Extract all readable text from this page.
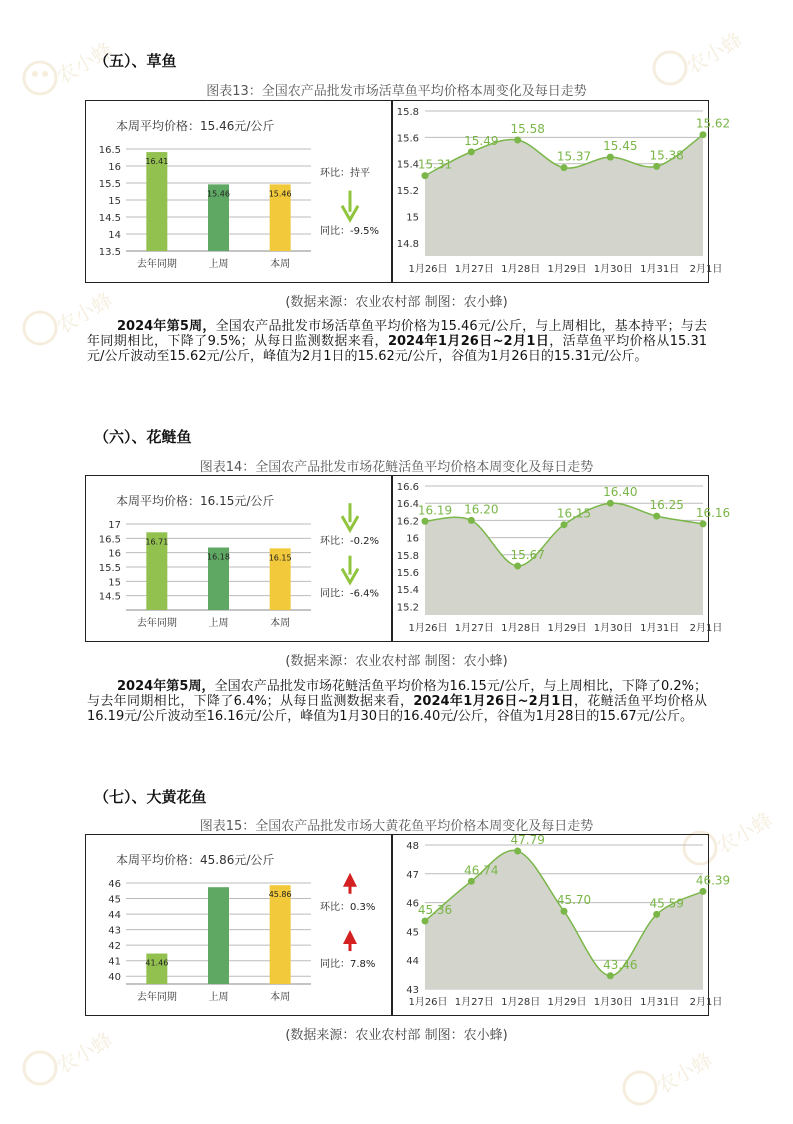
农小蜂	农小蜂
农小蜂
农小蜂
农小蜂	农小蜂
（五）、草鱼
图表13：全国农产品批发市场活草鱼平均价格本周变化及每日走势
本周平均价格：15.46元/公斤
13.5
14
14.5
15
15.5
16
16.5
16.41
去年同期
15.46
上周
15.46
本周
环比：持平
同比：-9.5%
14.8
15
15.2
15.4
15.6
15.8
15.31
1月26日
15.49
1月27日
15.58
1月28日
15.37
1月29日
15.45
1月30日
15.38
1月31日
15.62
2月1日
(数据来源：农业农村部 制图：农小蜂)
2024年第5周，全国农产品批发市场活草鱼平均价格为15.46元/公斤，与上周相比，基本持平；与去年同期相比，下降了9.5%；从每日监测数据来看，2024年1月26日~2月1日，活草鱼平均价格从15.31元/公斤波动至15.62元/公斤，峰值为2月1日的15.62元/公斤，谷值为1月26日的15.31元/公斤。
（六）、花鲢鱼
图表14：全国农产品批发市场花鲢活鱼平均价格本周变化及每日走势
本周平均价格：16.15元/公斤
14.5
15
15.5
16
16.5
17
16.71
去年同期
16.18
上周
16.15
本周
环比：-0.2%
同比：-6.4%
15.2
15.4
15.6
15.8
16
16.2
16.4
16.6
16.19
1月26日
16.20
1月27日
15.67
1月28日
16.15
1月29日
16.40
1月30日
16.25
1月31日
16.16
2月1日
(数据来源：农业农村部 制图：农小蜂)
2024年第5周，全国农产品批发市场花鲢活鱼平均价格为16.15元/公斤，与上周相比，下降了0.2%；与去年同期相比，下降了6.4%；从每日监测数据来看，2024年1月26日~2月1日，花鲢活鱼平均价格从16.19元/公斤波动至16.16元/公斤，峰值为1月30日的16.40元/公斤，谷值为1月28日的15.67元/公斤。
（七）、大黄花鱼
图表15：全国农产品批发市场大黄花鱼平均价格本周变化及每日走势
本周平均价格：45.86元/公斤
40
41
42
43
44
45
46
41.46
去年同期	上周
45.86
本周
环比：0.3%
同比：7.8%
43
44
45
46
47
48
45.36
1月26日
46.74
1月27日
47.79
1月28日
45.70
1月29日
43.46
1月30日
45.59
1月31日
46.39
2月1日
(数据来源：农业农村部 制图：农小蜂)
